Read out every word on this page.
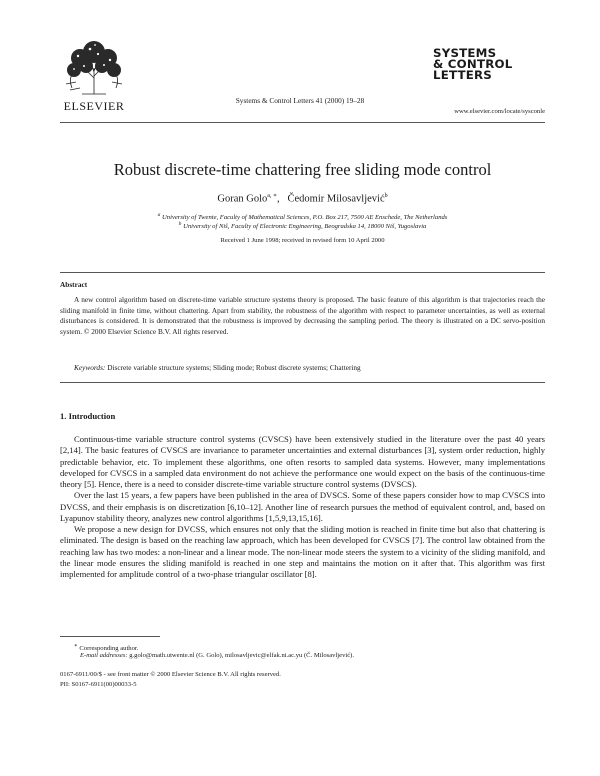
ELSEVIER	Systems & Control Letters 41 (2000) 19–28
SYSTEMS
& CONTROL
LETTERS
www.elsevier.com/locate/sysconle
Robust discrete-time chattering free sliding mode control
Goran Golo$^{a, ∗}$, Čedomir Milosavljević$^b$
$^a$ University of Twente, Faculty of Mathematical Sciences, P.O. Box 217, 7500 AE Enschede, The Netherlands
$^b$ University of Niš, Faculty of Electronic Engineering, Beogradska 14, 18000 Niš, Yugoslavia
Received 1 June 1998; received in revised form 10 April 2000
Abstract

A new control algorithm based on discrete-time variable structure systems theory is proposed. The basic feature of this algorithm is that trajectories reach the sliding manifold in finite time, without chattering. Apart from stability, the robustness of the algorithm with respect to parameter uncertainties, as well as external disturbances is considered. It is demonstrated that the robustness is improved by decreasing the sampling period. The theory is illustrated on a DC servo-position system. © 2000 Elsevier Science B.V. All rights reserved.

Keywords: Discrete variable structure systems; Sliding mode; Robust discrete systems; Chattering
1. Introduction

Continuous-time variable structure control systems (CVSCS) have been extensively studied in the literature over the past 40 years [2,14]. The basic features of CVSCS are invariance to parameter uncertainties and external disturbances [3], system order reduction, highly predictable behavior, etc. To implement these algorithms, one often resorts to sampled data systems. However, many implementations developed for CVSCS in a sampled data environment do not achieve the performance one would expect on the basis of the continuous-time theory [5]. Hence, there is a need to consider discrete-time variable structure control systems (DVSCS).

Over the last 15 years, a few papers have been published in the area of DVSCS. Some of these papers consider how to map CVSCS into DVCSS, and their emphasis is on discretization [6,10–12]. Another line of research pursues the method of equivalent control, and, based on Lyapunov stability theory, analyzes new control algorithms [1,5,9,13,15,16].

We propose a new design for DVCSS, which ensures not only that the sliding motion is reached in finite time but also that chattering is eliminated. The design is based on the reaching law approach, which has been developed for CVSCS [7]. The control law obtained from the reaching law has two modes: a non-linear and a linear mode. The non-linear mode steers the system to a vicinity of the sliding manifold, and the linear mode ensures the sliding manifold is reached in one step and maintains the motion on it after that. This algorithm was first implemented for amplitude control of a two-phase triangular oscillator [8].

∗ Corresponding author.
E-mail addresses: g.golo@math.utwente.nl (G. Golo), milosavljevic@elfak.ni.ac.yu (Č. Milosavljević).
0167-6911/00/$ - see front matter © 2000 Elsevier Science B.V. All rights reserved.
PII: S0167-6911(00)00033-5
